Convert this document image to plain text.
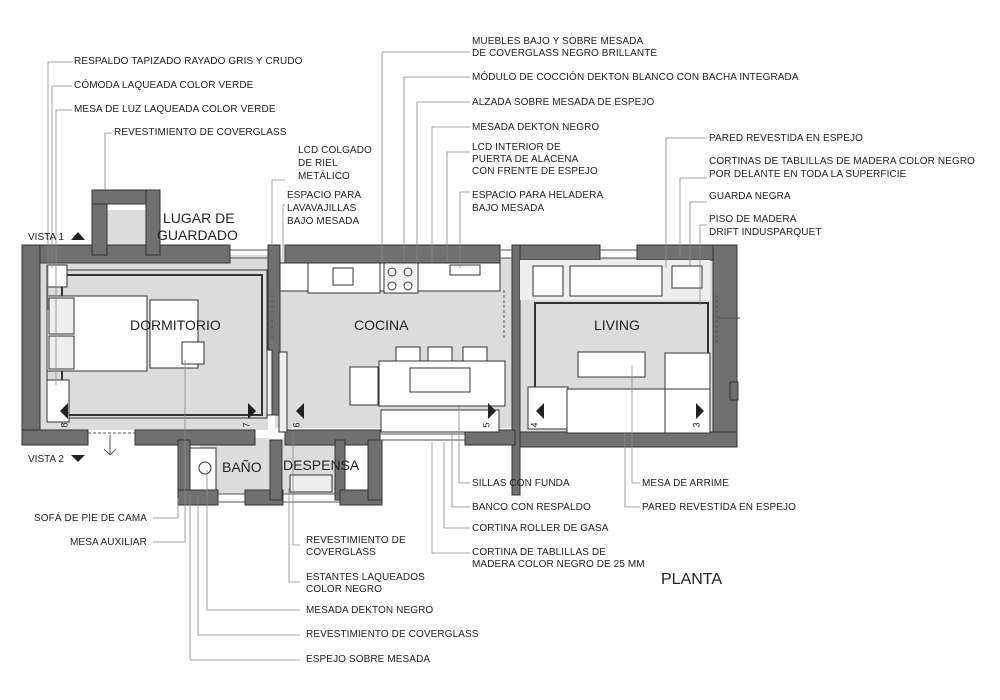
DORMITORIO	COCINA	LIVING
BAÑO DESPENSA
LUGAR DE
GUARDADO
VISTA 1
VISTA 2
8	7	6	5	4	3
RESPALDO TAPIZADO RAYADO GRIS Y CRUDO
CÓMODA LAQUEADA COLOR VERDE
MESA DE LUZ LAQUEADA COLOR VERDE
REVESTIMIENTO DE COVERGLASS
LCD COLGADO
DE RIEL
METÁLICO
ESPACIO PARA
LAVAVAJILLAS
BAJO MESADA
MUEBLES BAJO Y SOBRE MESADA
DE COVERGLASS NEGRO BRILLANTE
MÓDULO DE COCCIÓN DEKTON BLANCO CON BACHA INTEGRADA
ALZADA SOBRE MESADA DE ESPEJO
MESADA DEKTON NEGRO
LCD INTERIOR DE
PUERTA DE ALACENA
CON FRENTE DE ESPEJO
ESPACIO PARA HELADERA
BAJO MESADA
PARED REVESTIDA EN ESPEJO
CORTINAS DE TABLILLAS DE MADERA COLOR NEGRO
POR DELANTE EN TODA LA SUPERFICIE
GUARDA NEGRA
PISO DE MADERA
DRIFT INDUSPARQUET
SOFÁ DE PIE DE CAMA
MESA AUXILIAR
SILLAS CON FUNDA
BANCO CON RESPALDO
CORTINA ROLLER DE GASA
CORTINA DE TABLILLAS DE
MADERA COLOR NEGRO DE 25 MM
MESA DE ARRIME
PARED REVESTIDA EN ESPEJO
REVESTIMIENTO DE
COVERGLASS
ESTANTES LAQUEADOS
COLOR NEGRO
MESADA DEKTON NEGRO
REVESTIMIENTO DE COVERGLASS
ESPEJO SOBRE MESADA
PLANTA
